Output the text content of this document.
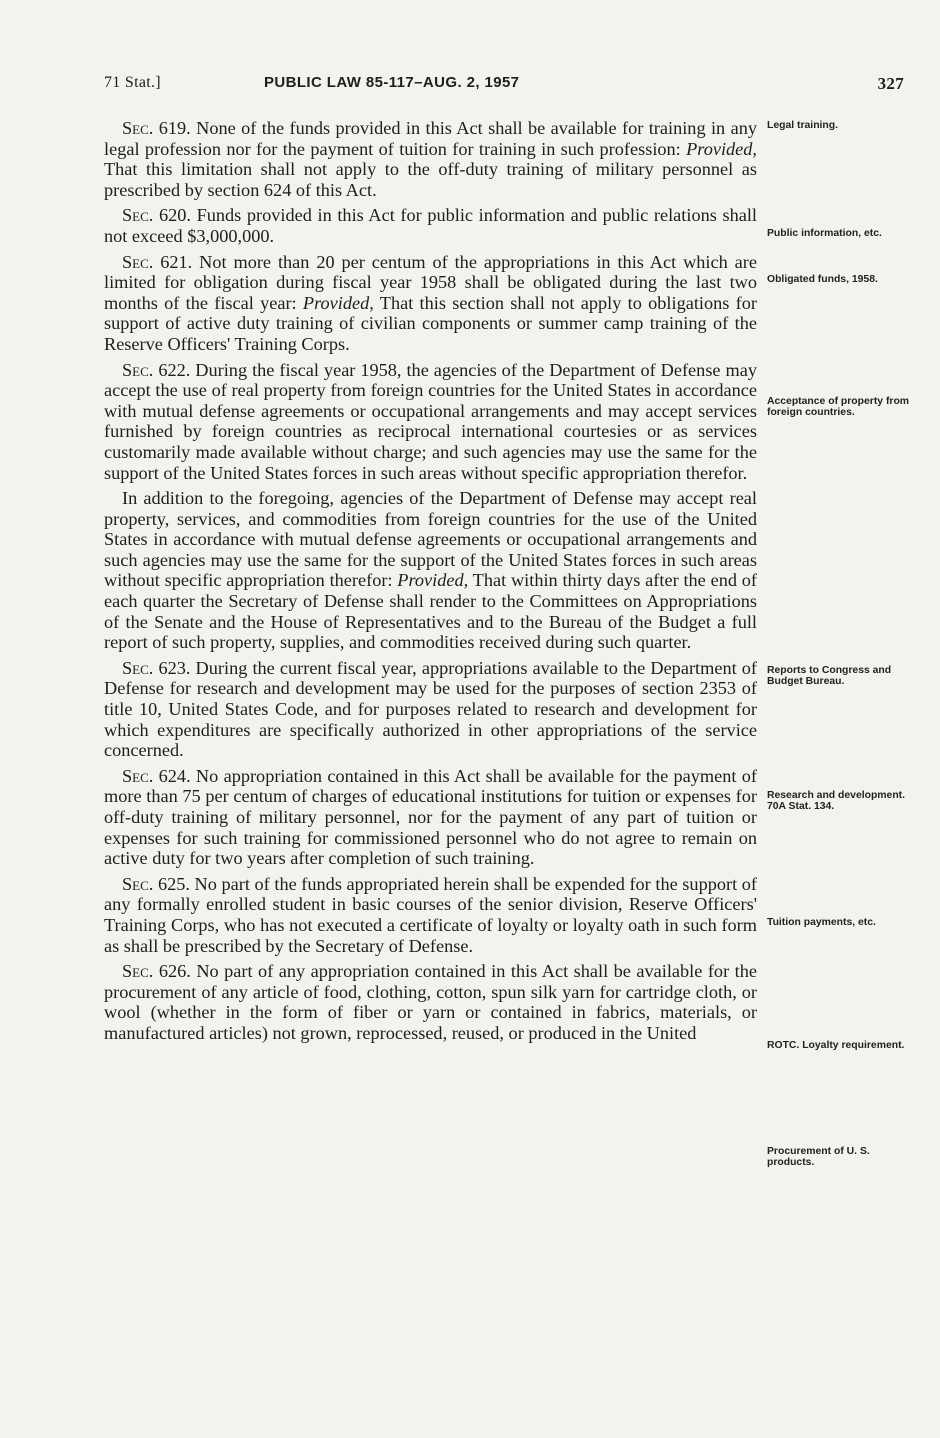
71 Stat.]	PUBLIC LAW 85-117–AUG. 2, 1957	327

Sec. 619. None of the funds provided in this Act shall be available for training in any legal profession nor for the payment of tuition for training in such profession: Provided, That this limitation shall not apply to the off-duty training of military personnel as prescribed by section 624 of this Act.

Sec. 620. Funds provided in this Act for public information and public relations shall not exceed $3,000,000.

Sec. 621. Not more than 20 per centum of the appropriations in this Act which are limited for obligation during fiscal year 1958 shall be obligated during the last two months of the fiscal year: Provided, That this section shall not apply to obligations for support of active duty training of civilian components or summer camp training of the Reserve Officers' Training Corps.

Sec. 622. During the fiscal year 1958, the agencies of the Department of Defense may accept the use of real property from foreign countries for the United States in accordance with mutual defense agreements or occupational arrangements and may accept services furnished by foreign countries as reciprocal international courtesies or as services customarily made available without charge; and such agencies may use the same for the support of the United States forces in such areas without specific appropriation therefor.

In addition to the foregoing, agencies of the Department of Defense may accept real property, services, and commodities from foreign countries for the use of the United States in accordance with mutual defense agreements or occupational arrangements and such agencies may use the same for the support of the United States forces in such areas without specific appropriation therefor: Provided, That within thirty days after the end of each quarter the Secretary of Defense shall render to the Committees on Appropriations of the Senate and the House of Representatives and to the Bureau of the Budget a full report of such property, supplies, and commodities received during such quarter.

Sec. 623. During the current fiscal year, appropriations available to the Department of Defense for research and development may be used for the purposes of section 2353 of title 10, United States Code, and for purposes related to research and development for which expenditures are specifically authorized in other appropriations of the service concerned.

Sec. 624. No appropriation contained in this Act shall be available for the payment of more than 75 per centum of charges of educational institutions for tuition or expenses for off-duty training of military personnel, nor for the payment of any part of tuition or expenses for such training for commissioned personnel who do not agree to remain on active duty for two years after completion of such training.

Sec. 625. No part of the funds appropriated herein shall be expended for the support of any formally enrolled student in basic courses of the senior division, Reserve Officers' Training Corps, who has not executed a certificate of loyalty or loyalty oath in such form as shall be prescribed by the Secretary of Defense.

Sec. 626. No part of any appropriation contained in this Act shall be available for the procurement of any article of food, clothing, cotton, spun silk yarn for cartridge cloth, or wool (whether in the form of fiber or yarn or contained in fabrics, materials, or manufactured articles) not grown, reprocessed, reused, or produced in the United

Legal training.
Public information, etc.
Obligated funds, 1958.
Acceptance of property from foreign countries.
Reports to Congress and Budget Bureau.
Research and development. 70A Stat. 134.
Tuition payments, etc.
ROTC. Loyalty requirement.
Procurement of U. S. products.
